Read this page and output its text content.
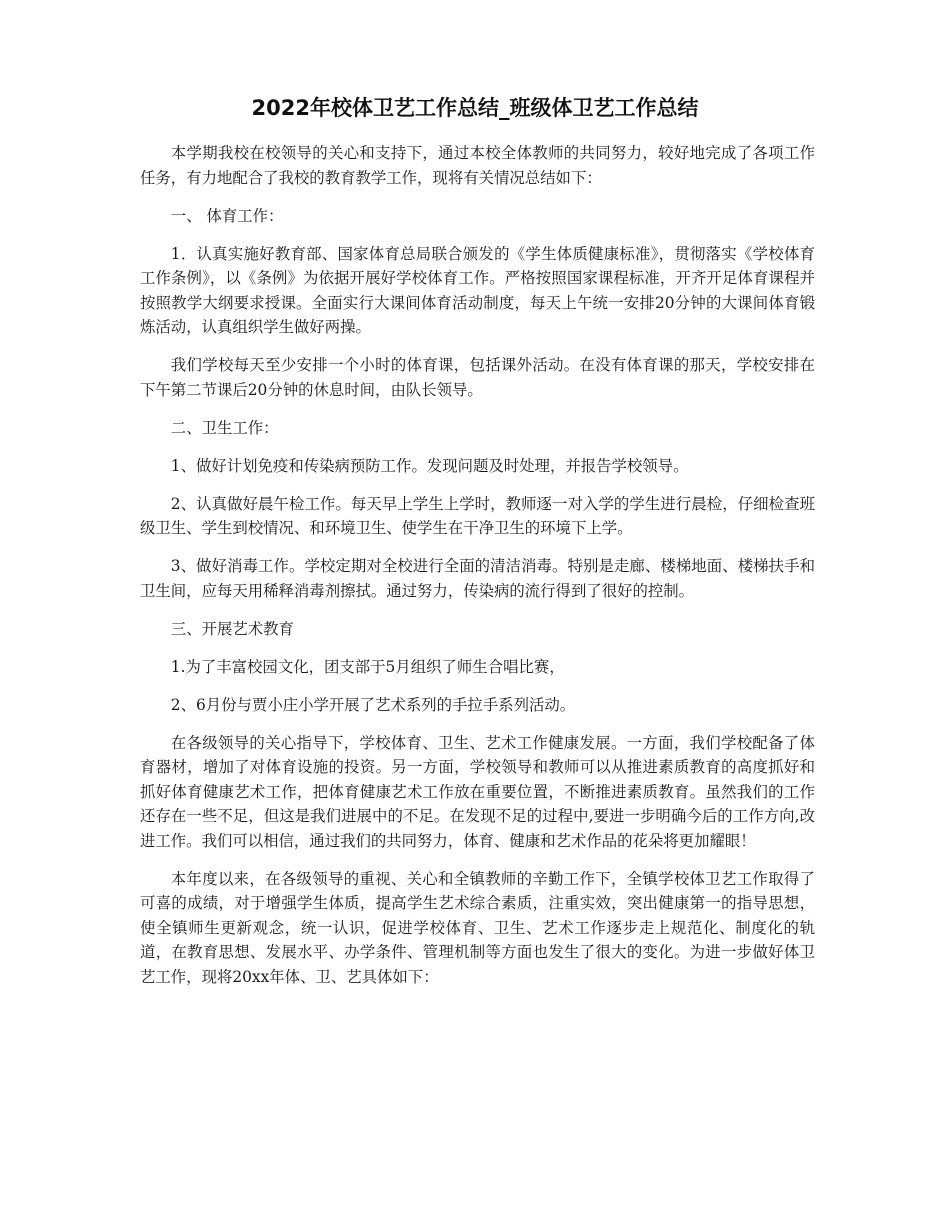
2022年校体卫艺工作总结_班级体卫艺工作总结

本学期我校在校领导的关心和支持下，通过本校全体教师的共同努力，较好地完成了各项工作任务，有力地配合了我校的教育教学工作，现将有关情况总结如下：

一、 体育工作：

1．认真实施好教育部、国家体育总局联合颁发的《学生体质健康标准》，贯彻落实《学校体育工作条例》，以《条例》为依据开展好学校体育工作。严格按照国家课程标准，开齐开足体育课程并按照教学大纲要求授课。全面实行大课间体育活动制度，每天上午统一安排20分钟的大课间体育锻炼活动，认真组织学生做好两操。

我们学校每天至少安排一个小时的体育课，包括课外活动。在没有体育课的那天，学校安排在下午第二节课后20分钟的休息时间，由队长领导。

二、卫生工作：

1、做好计划免疫和传染病预防工作。发现问题及时处理，并报告学校领导。

2、认真做好晨午检工作。每天早上学生上学时，教师逐一对入学的学生进行晨检，仔细检查班级卫生、学生到校情况、和环境卫生、使学生在干净卫生的环境下上学。

3、做好消毒工作。学校定期对全校进行全面的清洁消毒。特别是走廊、楼梯地面、楼梯扶手和卫生间，应每天用稀释消毒剂擦拭。通过努力，传染病的流行得到了很好的控制。

三、开展艺术教育

1.为了丰富校园文化，团支部于5月组织了师生合唱比赛，

2、6月份与贾小庄小学开展了艺术系列的手拉手系列活动。

在各级领导的关心指导下，学校体育、卫生、艺术工作健康发展。一方面，我们学校配备了体育器材，增加了对体育设施的投资。另一方面，学校领导和教师可以从推进素质教育的高度抓好和抓好体育健康艺术工作，把体育健康艺术工作放在重要位置，不断推进素质教育。虽然我们的工作还存在一些不足，但这是我们进展中的不足。在发现不足的过程中,要进一步明确今后的工作方向,改进工作。我们可以相信，通过我们的共同努力，体育、健康和艺术作品的花朵将更加耀眼！

本年度以来，在各级领导的重视、关心和全镇教师的辛勤工作下，全镇学校体卫艺工作取得了可喜的成绩，对于增强学生体质，提高学生艺术综合素质，注重实效，突出健康第一的指导思想，使全镇师生更新观念，统一认识，促进学校体育、卫生、艺术工作逐步走上规范化、制度化的轨道，在教育思想、发展水平、办学条件、管理机制等方面也发生了很大的变化。为进一步做好体卫艺工作，现将20xx年体、卫、艺具体如下：
